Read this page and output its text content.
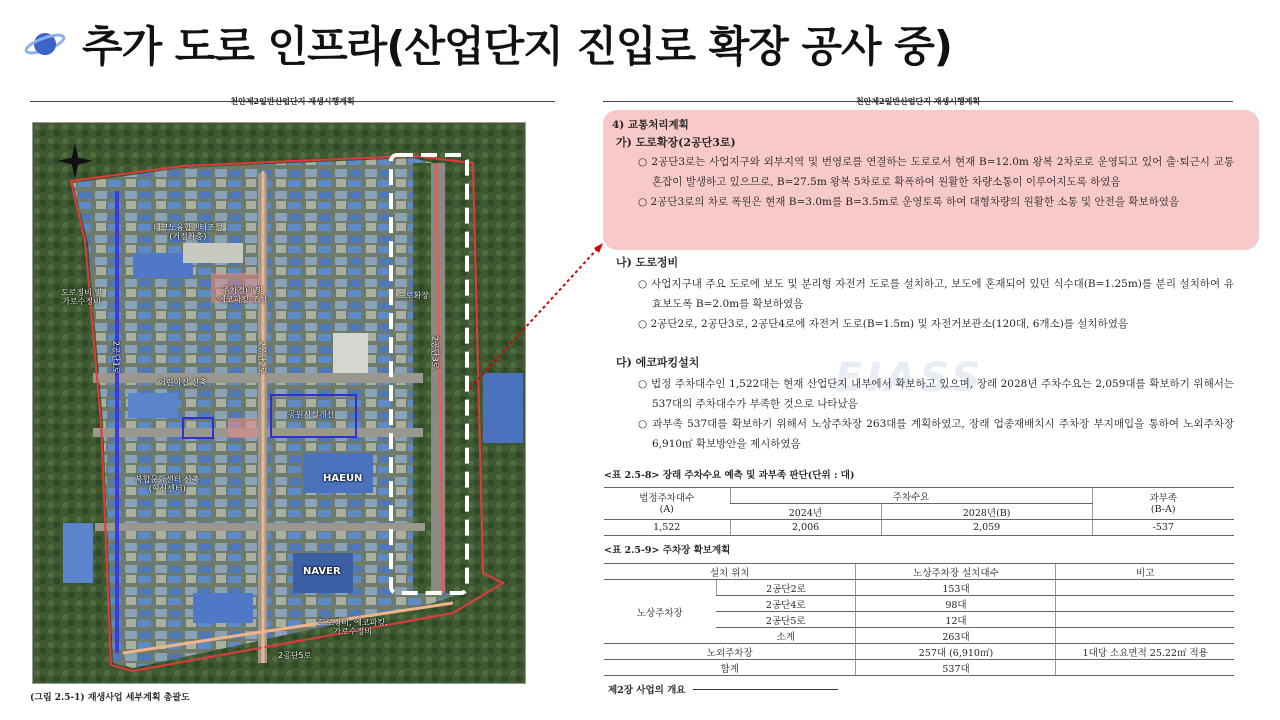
추가 도로 인프라(산업단지 진입로 확장 공사 중)
천안제2일반산업단지 재생시행계획
테크노융합센터조성
(거점확충)
도로정비 및
가로수정비
주차정비 및
에코파킹 조성	도로확장
어린이집 신축
공원시설개선
복합문화센터 신축
(혁신센터)
도로정비, 에코파킹,
가로수정비
2공단5로
2공단1로	2공단2로	2공단3로
HAEUN
NAVER
(그림 2.5-1) 재생사업 세부계획 총괄도
천안제2일반산업단지 재생시행계획
EIASS
4) 교통처리계획
가) 도로확장(2공단3로)
○ 2공단3로는 사업지구와 외부지역 및 번영로를 연결하는 도로로서 현재 B=12.0m 왕복 2차로로 운영되고 있어 출·퇴근시 교통혼잡이 발생하고 있으므로, B=27.5m 왕복 5차로로 확폭하여 원활한 차량소통이 이루어지도록 하였음
○ 2공단3로의 차로 폭원은 현재 B=3.0m를 B=3.5m로 운영토록 하여 대형차량의 원활한 소통 및 안전을 확보하였음
나) 도로정비
○ 사업지구내 주요 도로에 보도 및 분리형 자전거 도로를 설치하고, 보도에 혼재되어 있던 식수대(B=1.25m)를 분리 설치하여 유효보도폭 B=2.0m를 확보하였음
○ 2공단2로, 2공단3로, 2공단4로에 자전거 도로(B=1.5m) 및 자전거보관소(120대, 6개소)를 설치하였음
다) 에코파킹설치
○ 법정 주차대수인 1,522대는 현재 산업단지 내부에서 확보하고 있으며, 장래 2028년 주차수요는 2,059대를 확보하기 위해서는 537대의 주차대수가 부족한 것으로 나타났음
○ 과부족 537대를 확보하기 위해서 노상주차장 263대를 계획하였고, 장래 업종재배치시 주차장 부지매입을 통하여 노외주차장 6,910㎡ 확보방안을 제시하였음
<표 2.5-8> 장래 주차수요 예측 및 과부족 판단(단위 : 대)
법정주차대수
(A)	주차수요		과부족
(B-A)
	2024년	2028년(B)	
1,522	2,006	2,059	-537
<표 2.5-9> 주차장 확보계획
설치 위치		노상주차장 설치대수	비고
노상주차장	2공단2로	153대	
	2공단4로	98대	
	2공단5로	12대	
	소계	263대	
노외주차장		257대 (6,910㎡)	1대당 소요면적 25.22㎡ 적용
합계		537대	
제2장 사업의 개요
